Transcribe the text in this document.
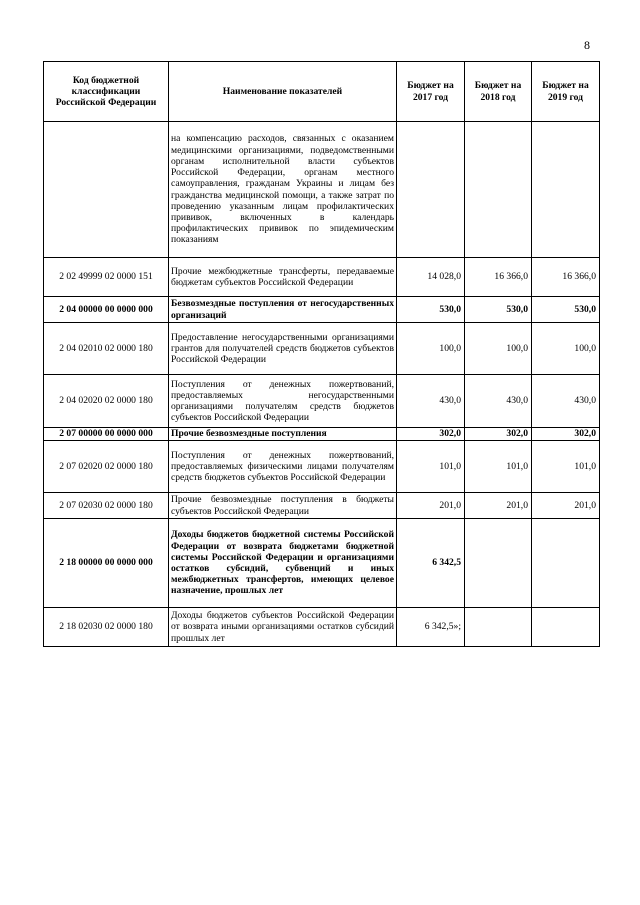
8
Код бюджетной классификации Российской Федерации	Наименование показателей	Бюджет на 2017 год	Бюджет на 2018 год	Бюджет на 2019 год
	на компенсацию расходов, связанных с оказанием медицинскими организациями, подведомственными органам исполнительной власти субъектов Российской Федерации, органам местного самоуправления, гражданам Украины и лицам без гражданства медицинской помощи, а также затрат по проведению указанным лицам профилактических прививок, включенных в календарь профилактических прививок по эпидемическим показаниям			
2 02 49999 02 0000 151	Прочие межбюджетные трансферты, передаваемые бюджетам субъектов Российской Федерации	14 028,0	16 366,0	16 366,0
2 04 00000 00 0000 000	Безвозмездные поступления от негосударственных организаций	530,0	530,0	530,0
2 04 02010 02 0000 180	Предоставление негосударственными организациями грантов для получателей средств бюджетов субъектов Российской Федерации	100,0	100,0	100,0
2 04 02020 02 0000 180	Поступления от денежных пожертвований, предоставляемых негосударственными организациями получателям средств бюджетов субъектов Российской Федерации	430,0	430,0	430,0
2 07 00000 00 0000 000	Прочие безвозмездные поступления	302,0	302,0	302,0
2 07 02020 02 0000 180	Поступления от денежных пожертвований, предоставляемых физическими лицами получателям средств бюджетов субъектов Российской Федерации	101,0	101,0	101,0
2 07 02030 02 0000 180	Прочие безвозмездные поступления в бюджеты субъектов Российской Федерации	201,0	201,0	201,0
2 18 00000 00 0000 000	Доходы бюджетов бюджетной системы Российской Федерации от возврата бюджетами бюджетной системы Российской Федерации и организациями остатков субсидий, субвенций и иных межбюджетных трансфертов, имеющих целевое назначение, прошлых лет	6 342,5		
2 18 02030 02 0000 180	Доходы бюджетов субъектов Российской Федерации от возврата иными организациями остатков субсидий прошлых лет	6 342,5»;		
